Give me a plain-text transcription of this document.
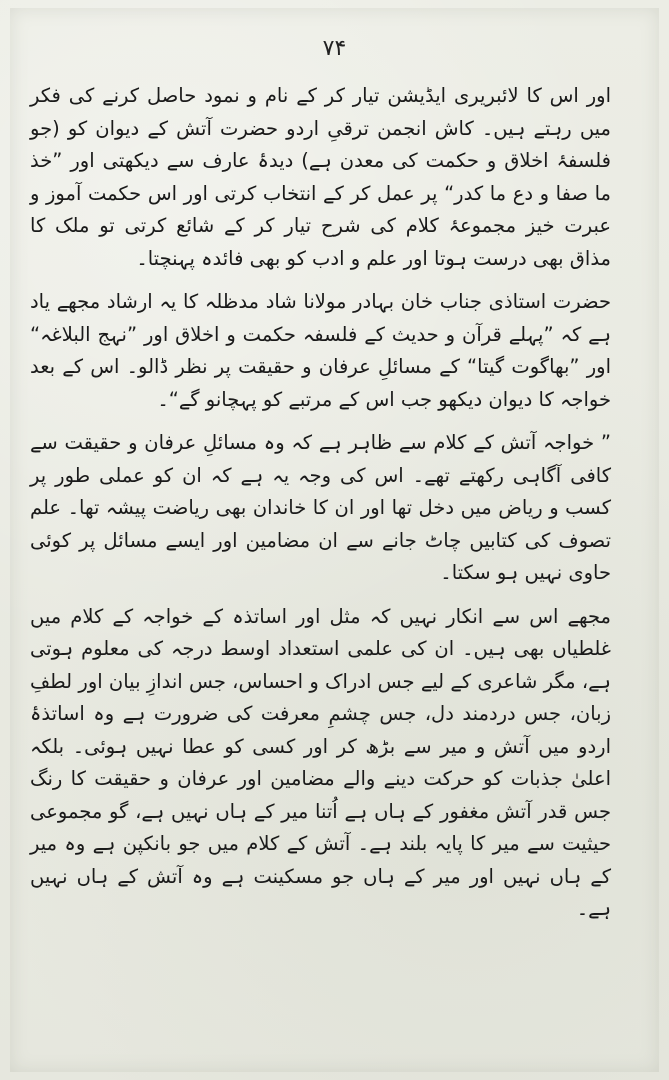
۷۴

اور اس کا لائبریری ایڈیشن تیار کر کے نام و نمود حاصل کرنے کی فکر میں رہتے ہیں۔ کاش انجمن ترقیِ اردو حضرت آتش کے دیوان کو (جو فلسفۂ اخلاق و حکمت کی معدن ہے) دیدۂ عارف سے دیکھتی اور ”خذ ما صفا و دع ما کدر“ پر عمل کر کے انتخاب کرتی اور اس حکمت آموز و عبرت خیز مجموعۂ کلام کی شرح تیار کر کے شائع کرتی تو ملک کا مذاق بھی درست ہوتا اور علم و ادب کو بھی فائدہ پہنچتا۔

حضرت استاذی جناب خان بہادر مولانا شاد مدظلہ کا یہ ارشاد مجھے یاد ہے کہ ”پہلے قرآن و حدیث کے فلسفہ حکمت و اخلاق اور ”نہج البلاغہ“ اور ”بھاگوت گیتا“ کے مسائلِ عرفان و حقیقت پر نظر ڈالو۔ اس کے بعد خواجہ کا دیوان دیکھو جب اس کے مرتبے کو پہچانو گے“۔

” خواجہ آتش کے کلام سے ظاہر ہے کہ وہ مسائلِ عرفان و حقیقت سے کافی آگاہی رکھتے تھے۔ اس کی وجہ یہ ہے کہ ان کو عملی طور پر کسب و ریاض میں دخل تھا اور ان کا خاندان بھی ریاضت پیشہ تھا۔ علم تصوف کی کتابیں چاٹ جانے سے ان مضامین اور ایسے مسائل پر کوئی حاوی نہیں ہو سکتا۔

مجھے اس سے انکار نہیں کہ مثل اور اساتذہ کے خواجہ کے کلام میں غلطیاں بھی ہیں۔ ان کی علمی استعداد اوسط درجہ کی معلوم ہوتی ہے، مگر شاعری کے لیے جس ادراک و احساس، جس اندازِ بیان اور لطفِ زبان، جس دردمند دل، جس چشمِ معرفت کی ضرورت ہے وہ اساتذۂ اردو میں آتش و میر سے بڑھ کر اور کسی کو عطا نہیں ہوئی۔ بلکہ اعلیٰ جذبات کو حرکت دینے والے مضامین اور عرفان و حقیقت کا رنگ جس قدر آتش مغفور کے ہاں ہے اُتنا میر کے ہاں نہیں ہے، گو مجموعی حیثیت سے میر کا پایہ بلند ہے۔ آتش کے کلام میں جو بانکپن ہے وہ میر کے ہاں نہیں اور میر کے ہاں جو مسکینت ہے وہ آتش کے ہاں نہیں ہے۔
